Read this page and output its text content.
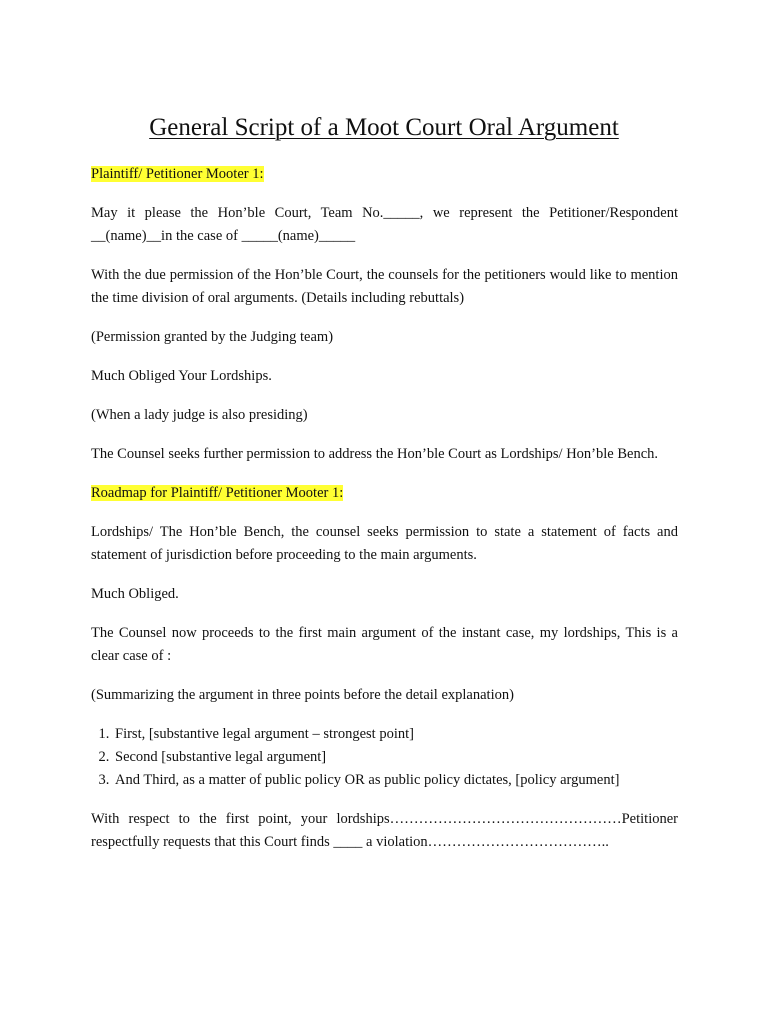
General Script of a Moot Court Oral Argument

Plaintiff/ Petitioner Mooter 1:

May it please the Hon’ble Court, Team No._____, we represent the Petitioner/Respondent __(name)__in the case of _____(name)_____

With the due permission of the Hon’ble Court, the counsels for the petitioners would like to mention the time division of oral arguments. (Details including rebuttals)

(Permission granted by the Judging team)

Much Obliged Your Lordships.

(When a lady judge is also presiding)

The Counsel seeks further permission to address the Hon’ble Court as Lordships/ Hon’ble Bench.

Roadmap for Plaintiff/ Petitioner Mooter 1:

Lordships/ The Hon’ble Bench, the counsel seeks permission to state a statement of facts and statement of jurisdiction before proceeding to the main arguments.

Much Obliged.

The Counsel now proceeds to the first main argument of the instant case, my lordships, This is a clear case of :

(Summarizing the argument in three points before the detail explanation)

1. First, [substantive legal argument – strongest point]
2. Second [substantive legal argument]
3. And Third, as a matter of public policy OR as public policy dictates, [policy argument]

With respect to the first point, your lordships…………………………………………Petitioner respectfully requests that this Court finds ____ a violation………………………………..
